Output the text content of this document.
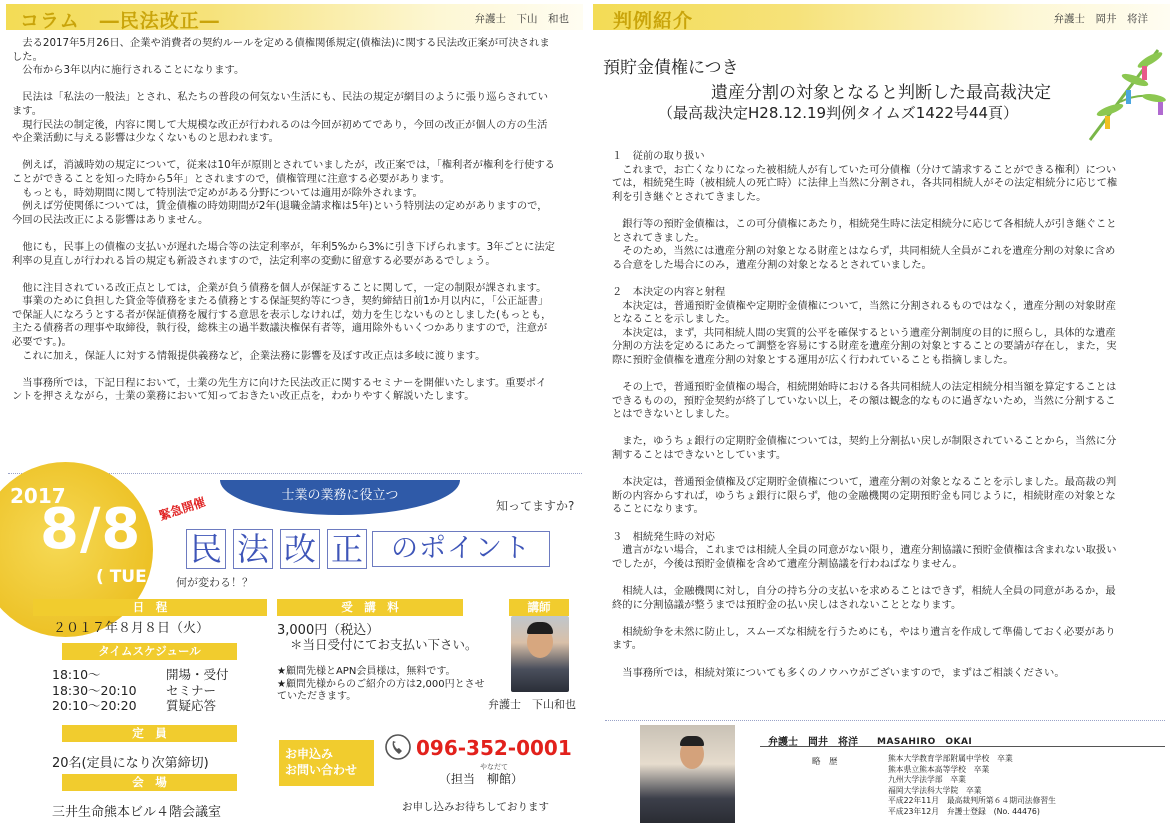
コラム　―民法改正―	弁護士　下山　和也

　去る2017年5月26日、企業や消費者の契約ルールを定める債権関係規定(債権法)に関する民法改正案が可決されました。
　公布から3年以内に施行されることになります。

　民法は「私法の一般法」とされ、私たちの普段の何気ない生活にも、民法の規定が網目のように張り巡らされています。
　現行民法の制定後，内容に関して大規模な改正が行われるのは今回が初めてであり，今回の改正が個人の方の生活や企業活動に与える影響は少なくないものと思われます。

　例えば，消滅時効の規定について，従来は10年が原則とされていましたが，改正案では，「権利者が権利を行使することができることを知った時から5年」とされますので，債権管理に注意する必要があります。
　もっとも，時効期間に関して特別法で定めがある分野については適用が除外されます。
　例えば労使関係については，賃金債権の時効期間が2年(退職金請求権は5年)という特別法の定めがありますので，今回の民法改正による影響はありません。

　他にも，民事上の債権の支払いが遅れた場合等の法定利率が，年利5%から3%に引き下げられます。3年ごとに法定利率の見直しが行われる旨の規定も新設されますので，法定利率の変動に留意する必要があるでしょう。

　他に注目されている改正点としては，企業が負う債務を個人が保証することに関して，一定の制限が課されます。
　事業のために負担した貸金等債務をまたる債務とする保証契約等につき，契約締結日前1か月以内に，「公正証書」で保証人になろうとする者が保証債務を履行する意思を表示しなければ，効力を生じないものとしました(もっとも，主たる債務者の理事や取締役，執行役，総株主の過半数議決権保有者等，適用除外もいくつかありますので，注意が必要です。)。
　これに加え，保証人に対する情報提供義務など，企業法務に影響を及ぼす改正点は多岐に渡ります。

　当事務所では，下記日程において，士業の先生方に向けた民法改正に関するセミナーを開催いたします。重要ポイントを押さえながら，士業の業務において知っておきたい改正点を，わかりやすく解説いたします。

2017
8/8
( TUE )
緊急開催	士業の業務に役立つ
知ってますか?
民 法 改 正	のポイント
何が変わる！？
日　程
２０１７年８月８日（火）
タイムスケジュール
18:10～	開場・受付
18:30～20:10	セミナー
20:10～20:20	質疑応答
定　員
20名(定員になり次第締切)
会　場
三井生命熊本ビル４階会議室
受　講　料
3,000円（税込）
＊当日受付にてお支払い下さい。
★顧問先様とAPN会員様は，無料です。
★顧問先様からのご紹介の方は2,000円とさせていただきます。
講師
弁護士　下山和也
お申込み
お問い合わせ
096-352-0001
やなだて
（担当　柳館）
お申し込みお待ちしております
判例紹介	弁護士　岡井　将洋
預貯金債権につき
遺産分割の対象となると判断した最高裁決定
（最高裁決定H28.12.19判例タイムズ1422号44頁）

１　従前の取り扱い
　これまで，お亡くなりになった被相続人が有していた可分債権（分けて請求することができる権利）については，相続発生時（被相続人の死亡時）に法律上当然に分割され，各共同相続人がその法定相続分に応じて権利を引き継ぐとされてきました。

　銀行等の預貯金債権は，この可分債権にあたり，相続発生時に法定相続分に応じて各相続人が引き継ぐこととされてきました。
　そのため，当然には遺産分割の対象となる財産とはならず，共同相続人全員がこれを遺産分割の対象に含める合意をした場合にのみ，遺産分割の対象となるとされていました。

２　本決定の内容と射程
　本決定は，普通預貯金債権や定期貯金債権について，当然に分割されるものではなく，遺産分割の対象財産となることを示しました。
　本決定は，まず，共同相続人間の実質的公平を確保するという遺産分割制度の目的に照らし，具体的な遺産分割の方法を定めるにあたって調整を容易にする財産を遺産分割の対象とすることの要請が存在し，また，実際に預貯金債権を遺産分割の対象とする運用が広く行われていることも指摘しました。

　その上で，普通預貯金債権の場合，相続開始時における各共同相続人の法定相続分相当額を算定することはできるものの，預貯金契約が終了していない以上，その額は観念的なものに過ぎないため，当然に分割することはできないとしました。

　また，ゆうちょ銀行の定期貯金債権については，契約上分割払い戻しが制限されていることから，当然に分割することはできないとしています。

　本決定は，普通預金債権及び定期貯金債権について，遺産分割の対象となることを示しました。最高裁の判断の内容からすれば，ゆうちょ銀行に限らず，他の金融機関の定期預貯金も同じように，相続財産の対象となることになります。

３　相続発生時の対応
　遺言がない場合，これまでは相続人全員の同意がない限り，遺産分割協議に預貯金債権は含まれない取扱いでしたが，今後は預貯金債権を含めて遺産分割協議を行わねばなりません。

　相続人は，金融機関に対し，自分の持ち分の支払いを求めることはできず，相続人全員の同意があるか，最終的に分割協議が整うまでは預貯金の払い戻しはされないこととなります。

　相続紛争を未然に防止し，スムーズな相続を行うためにも，やはり遺言を作成して準備しておく必要があります。

　当事務所では，相続対策についても多くのノウハウがございますので，まずはご相談ください。

弁護士　岡井　将洋 MASAHIRO　OKAI
略　歴	熊本大学教育学部附属中学校　卒業
熊本県立熊本高等学校　卒業
九州大学法学部　卒業
福岡大学法科大学院　卒業
平成22年11月　最高裁判所第６４期司法修習生
平成23年12月　弁護士登録　(No. 44476)
